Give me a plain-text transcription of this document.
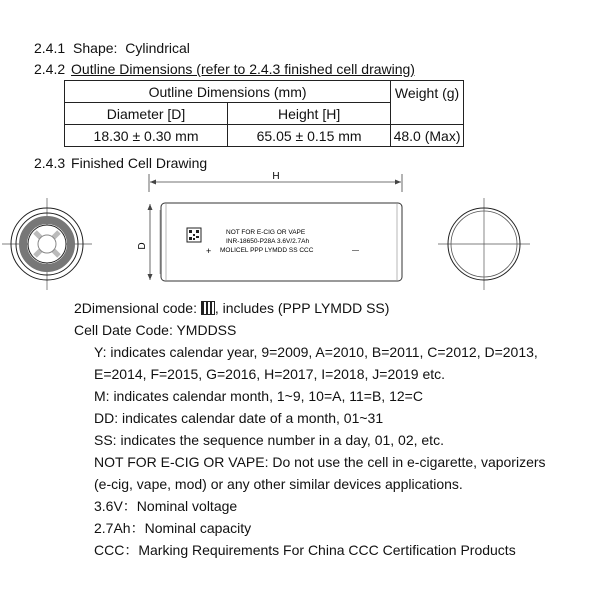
2.4.1 Shape: Cylindrical
2.4.2 Outline Dimensions (refer to 2.4.3 finished cell drawing)
Outline Dimensions (mm)		Weight (g)
Diameter [D]	Height [H]	
18.30 ± 0.30 mm	65.05 ± 0.15 mm	48.0 (Max)
2.4.3 Finished Cell Drawing
H
D
NOT FOR E-CIG OR VAPE
INR-18650-P28A 3.6V/2.7Ah
+ MOLICEL PPP LYMDD SS CCC	—
2Dimensional code: , includes (PPP LYMDD SS)
Cell Date Code: YMDDSS
Y: indicates calendar year, 9=2009, A=2010, B=2011, C=2012, D=2013,
E=2014, F=2015, G=2016, H=2017, I=2018, J=2019 etc.
M: indicates calendar month, 1~9, 10=A, 11=B, 12=C
DD: indicates calendar date of a month, 01~31
SS: indicates the sequence number in a day, 01, 02, etc.
NOT FOR E-CIG OR VAPE: Do not use the cell in e-cigarette, vaporizers
(e-cig, vape, mod) or any other similar devices applications.
3.6V：Nominal voltage
2.7Ah：Nominal capacity
CCC：Marking Requirements For China CCC Certification Products
